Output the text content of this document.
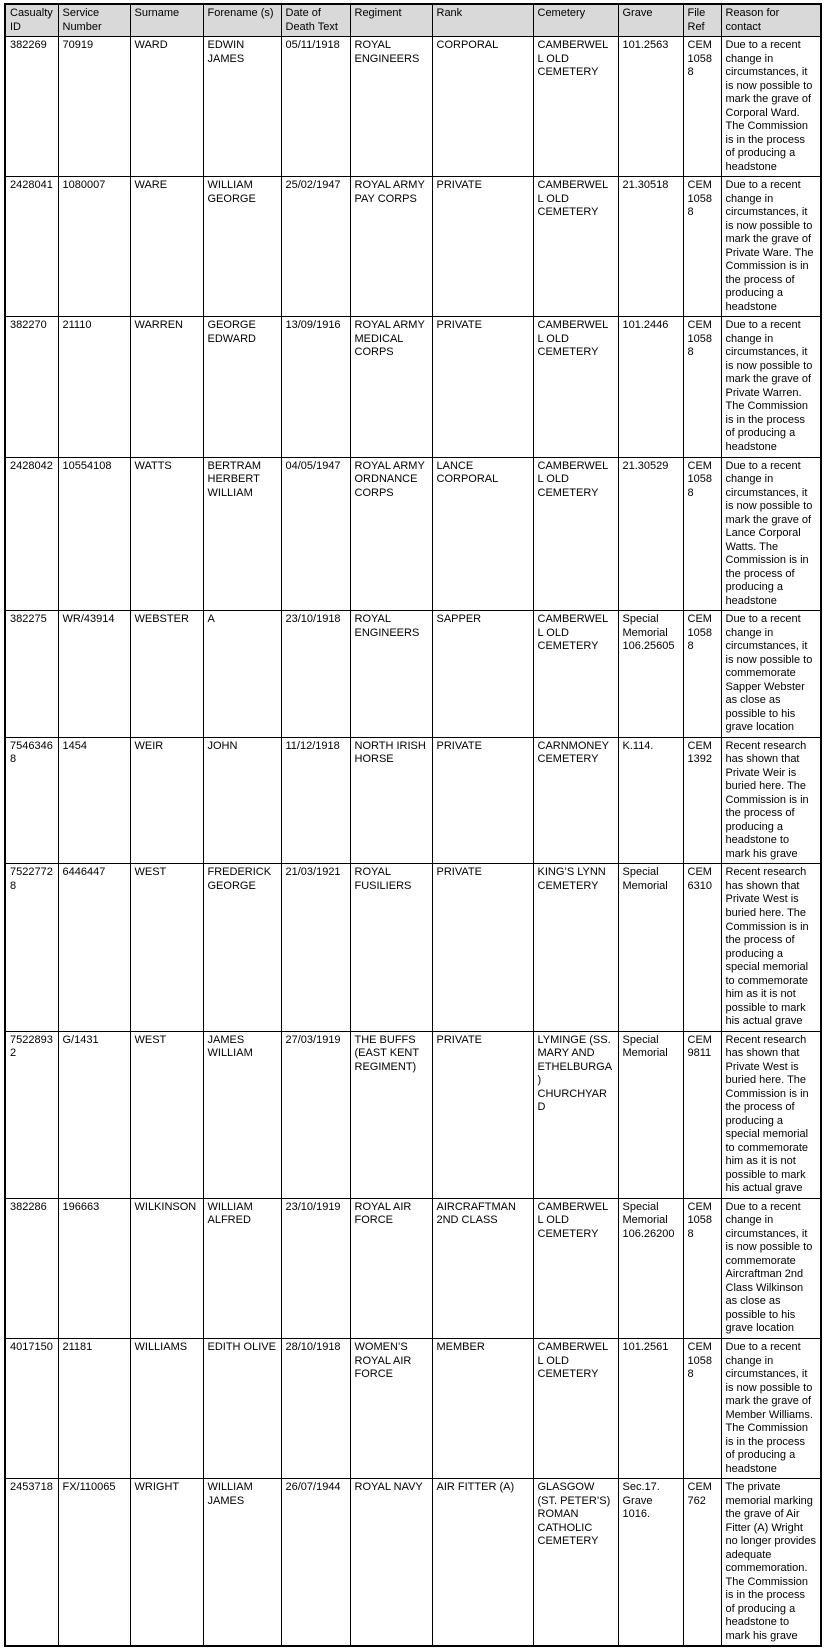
Casualty ID	Service Number	Surname	Forename (s)	Date of Death Text	Regiment	Rank	Cemetery	Grave	File Ref	Reason for contact
382269	70919	WARD	EDWIN JAMES	05/11/1918	ROYAL ENGINEERS	CORPORAL	CAMBERWELL OLD CEMETERY	101.2563	CEM 10588	Due to a recent change in circumstances, it is now possible to mark the grave of Corporal Ward. The Commission is in the process of producing a headstone
2428041	1080007	WARE	WILLIAM GEORGE	25/02/1947	ROYAL ARMY PAY CORPS	PRIVATE	CAMBERWELL OLD CEMETERY	21.30518	CEM 10588	Due to a recent change in circumstances, it is now possible to mark the grave of Private Ware. The Commission is in the process of producing a headstone
382270	21110	WARREN	GEORGE EDWARD	13/09/1916	ROYAL ARMY MEDICAL CORPS	PRIVATE	CAMBERWELL OLD CEMETERY	101.2446	CEM 10588	Due to a recent change in circumstances, it is now possible to mark the grave of Private Warren. The Commission is in the process of producing a headstone
2428042	10554108	WATTS	BERTRAM HERBERT WILLIAM	04/05/1947	ROYAL ARMY ORDNANCE CORPS	LANCE CORPORAL	CAMBERWELL OLD CEMETERY	21.30529	CEM 10588	Due to a recent change in circumstances, it is now possible to mark the grave of Lance Corporal Watts. The Commission is in the process of producing a headstone
382275	WR/43914	WEBSTER	A	23/10/1918	ROYAL ENGINEERS	SAPPER	CAMBERWELL OLD CEMETERY	Special Memorial 106.25605	CEM 10588	Due to a recent change in circumstances, it is now possible to commemorate Sapper Webster as close as possible to his grave location
75463468	1454	WEIR	JOHN	11/12/1918	NORTH IRISH HORSE	PRIVATE	CARNMONEY CEMETERY	K.114.	CEM 1392	Recent research has shown that Private Weir is buried here. The Commission is in the process of producing a headstone to mark his grave
75227728	6446447	WEST	FREDERICK GEORGE	21/03/1921	ROYAL FUSILIERS	PRIVATE	KING’S LYNN CEMETERY	Special Memorial	CEM 6310	Recent research has shown that Private West is buried here. The Commission is in the process of producing a special memorial to commemorate him as it is not possible to mark his actual grave
75228932	G/1431	WEST	JAMES WILLIAM	27/03/1919	THE BUFFS (EAST KENT REGIMENT)	PRIVATE	LYMINGE (SS. MARY AND ETHELBURGA) CHURCHYARD	Special Memorial	CEM 9811	Recent research has shown that Private West is buried here. The Commission is in the process of producing a special memorial to commemorate him as it is not possible to mark his actual grave
382286	196663	WILKINSON	WILLIAM ALFRED	23/10/1919	ROYAL AIR FORCE	AIRCRAFTMAN 2ND CLASS	CAMBERWELL OLD CEMETERY	Special Memorial 106.26200	CEM 10588	Due to a recent change in circumstances, it is now possible to commemorate Aircraftman 2nd Class Wilkinson as close as possible to his grave location
4017150	21181	WILLIAMS	EDITH OLIVE	28/10/1918	WOMEN’S ROYAL AIR FORCE	MEMBER	CAMBERWELL OLD CEMETERY	101.2561	CEM 10588	Due to a recent change in circumstances, it is now possible to mark the grave of Member Williams. The Commission is in the process of producing a headstone
2453718	FX/110065	WRIGHT	WILLIAM JAMES	26/07/1944	ROYAL NAVY	AIR FITTER (A)	GLASGOW (ST. PETER’S) ROMAN CATHOLIC CEMETERY	Sec.17. Grave 1016.	CEM 762	The private memorial marking the grave of Air Fitter (A) Wright no longer provides adequate commemoration. The Commission is in the process of producing a headstone to mark his grave
